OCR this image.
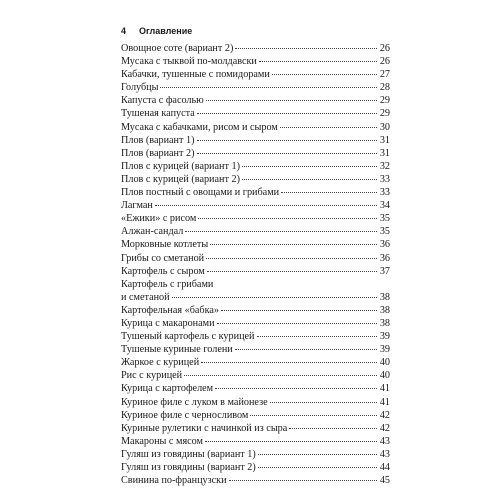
4	Оглавление
Овощное соте (вариант 2)	26
Мусака с тыквой по-молдавски	26
Кабачки, тушенные с помидорами	27
Голубцы	28
Капуста с фасолью	29
Тушеная капуста	29
Мусака с кабачками, рисом и сыром	30
Плов (вариант 1)	31
Плов (вариант 2)	31
Плов с курицей (вариант 1)	32
Плов с курицей (вариант 2)	33
Плов постный с овощами и грибами	33
Лагман	34
«Ежики» с рисом	35
Алжан-сандал	35
Морковные котлеты	36
Грибы со сметаной	36
Картофель с сыром	37
Картофель с грибами
и сметаной	38
Картофельная «бабка»	38
Курица с макаронами	38
Тушеный картофель с курицей	39
Тушеные куриные голени	39
Жаркое с курицей	40
Рис с курицей	40
Курица с картофелем	41
Куриное филе с луком в майонезе	41
Куриное филе с черносливом	42
Куриные рулетики с начинкой из сыра	42
Макароны с мясом	43
Гуляш из говядины (вариант 1)	43
Гуляш из говядины (вариант 2)	44
Свинина по-французски	45
